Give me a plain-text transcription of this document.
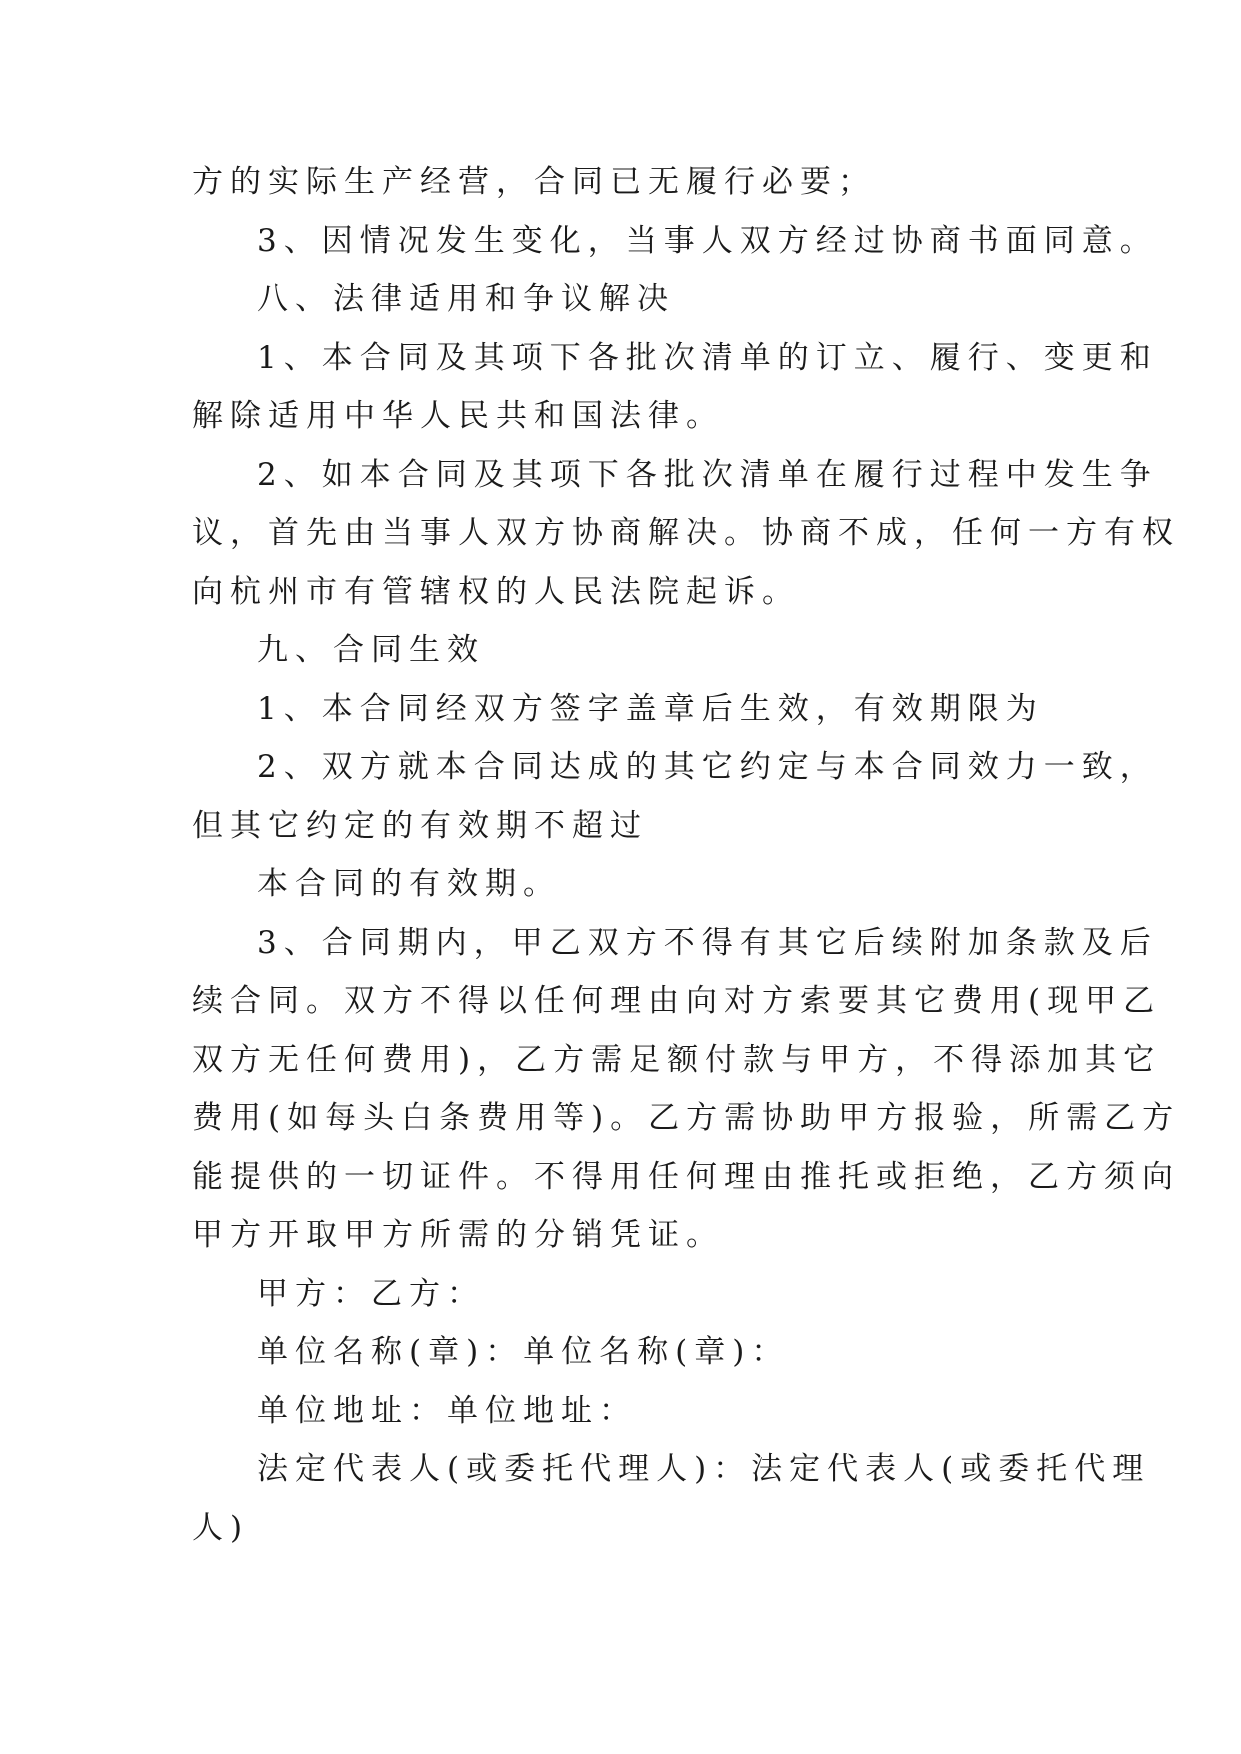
方的实际生产经营，合同已无履行必要；
3、因情况发生变化，当事人双方经过协商书面同意。
八、法律适用和争议解决
1、本合同及其项下各批次清单的订立、履行、变更和
解除适用中华人民共和国法律。
2、如本合同及其项下各批次清单在履行过程中发生争
议，首先由当事人双方协商解决。协商不成，任何一方有权
向杭州市有管辖权的人民法院起诉。
九、合同生效
1、本合同经双方签字盖章后生效，有效期限为
2、双方就本合同达成的其它约定与本合同效力一致，
但其它约定的有效期不超过
本合同的有效期。
3、合同期内，甲乙双方不得有其它后续附加条款及后
续合同。双方不得以任何理由向对方索要其它费用(现甲乙
双方无任何费用)，乙方需足额付款与甲方，不得添加其它
费用(如每头白条费用等)。乙方需协助甲方报验，所需乙方
能提供的一切证件。不得用任何理由推托或拒绝，乙方须向
甲方开取甲方所需的分销凭证。
甲方：乙方：
单位名称(章)：单位名称(章)：
单位地址：单位地址：
法定代表人(或委托代理人)：法定代表人(或委托代理
人)
